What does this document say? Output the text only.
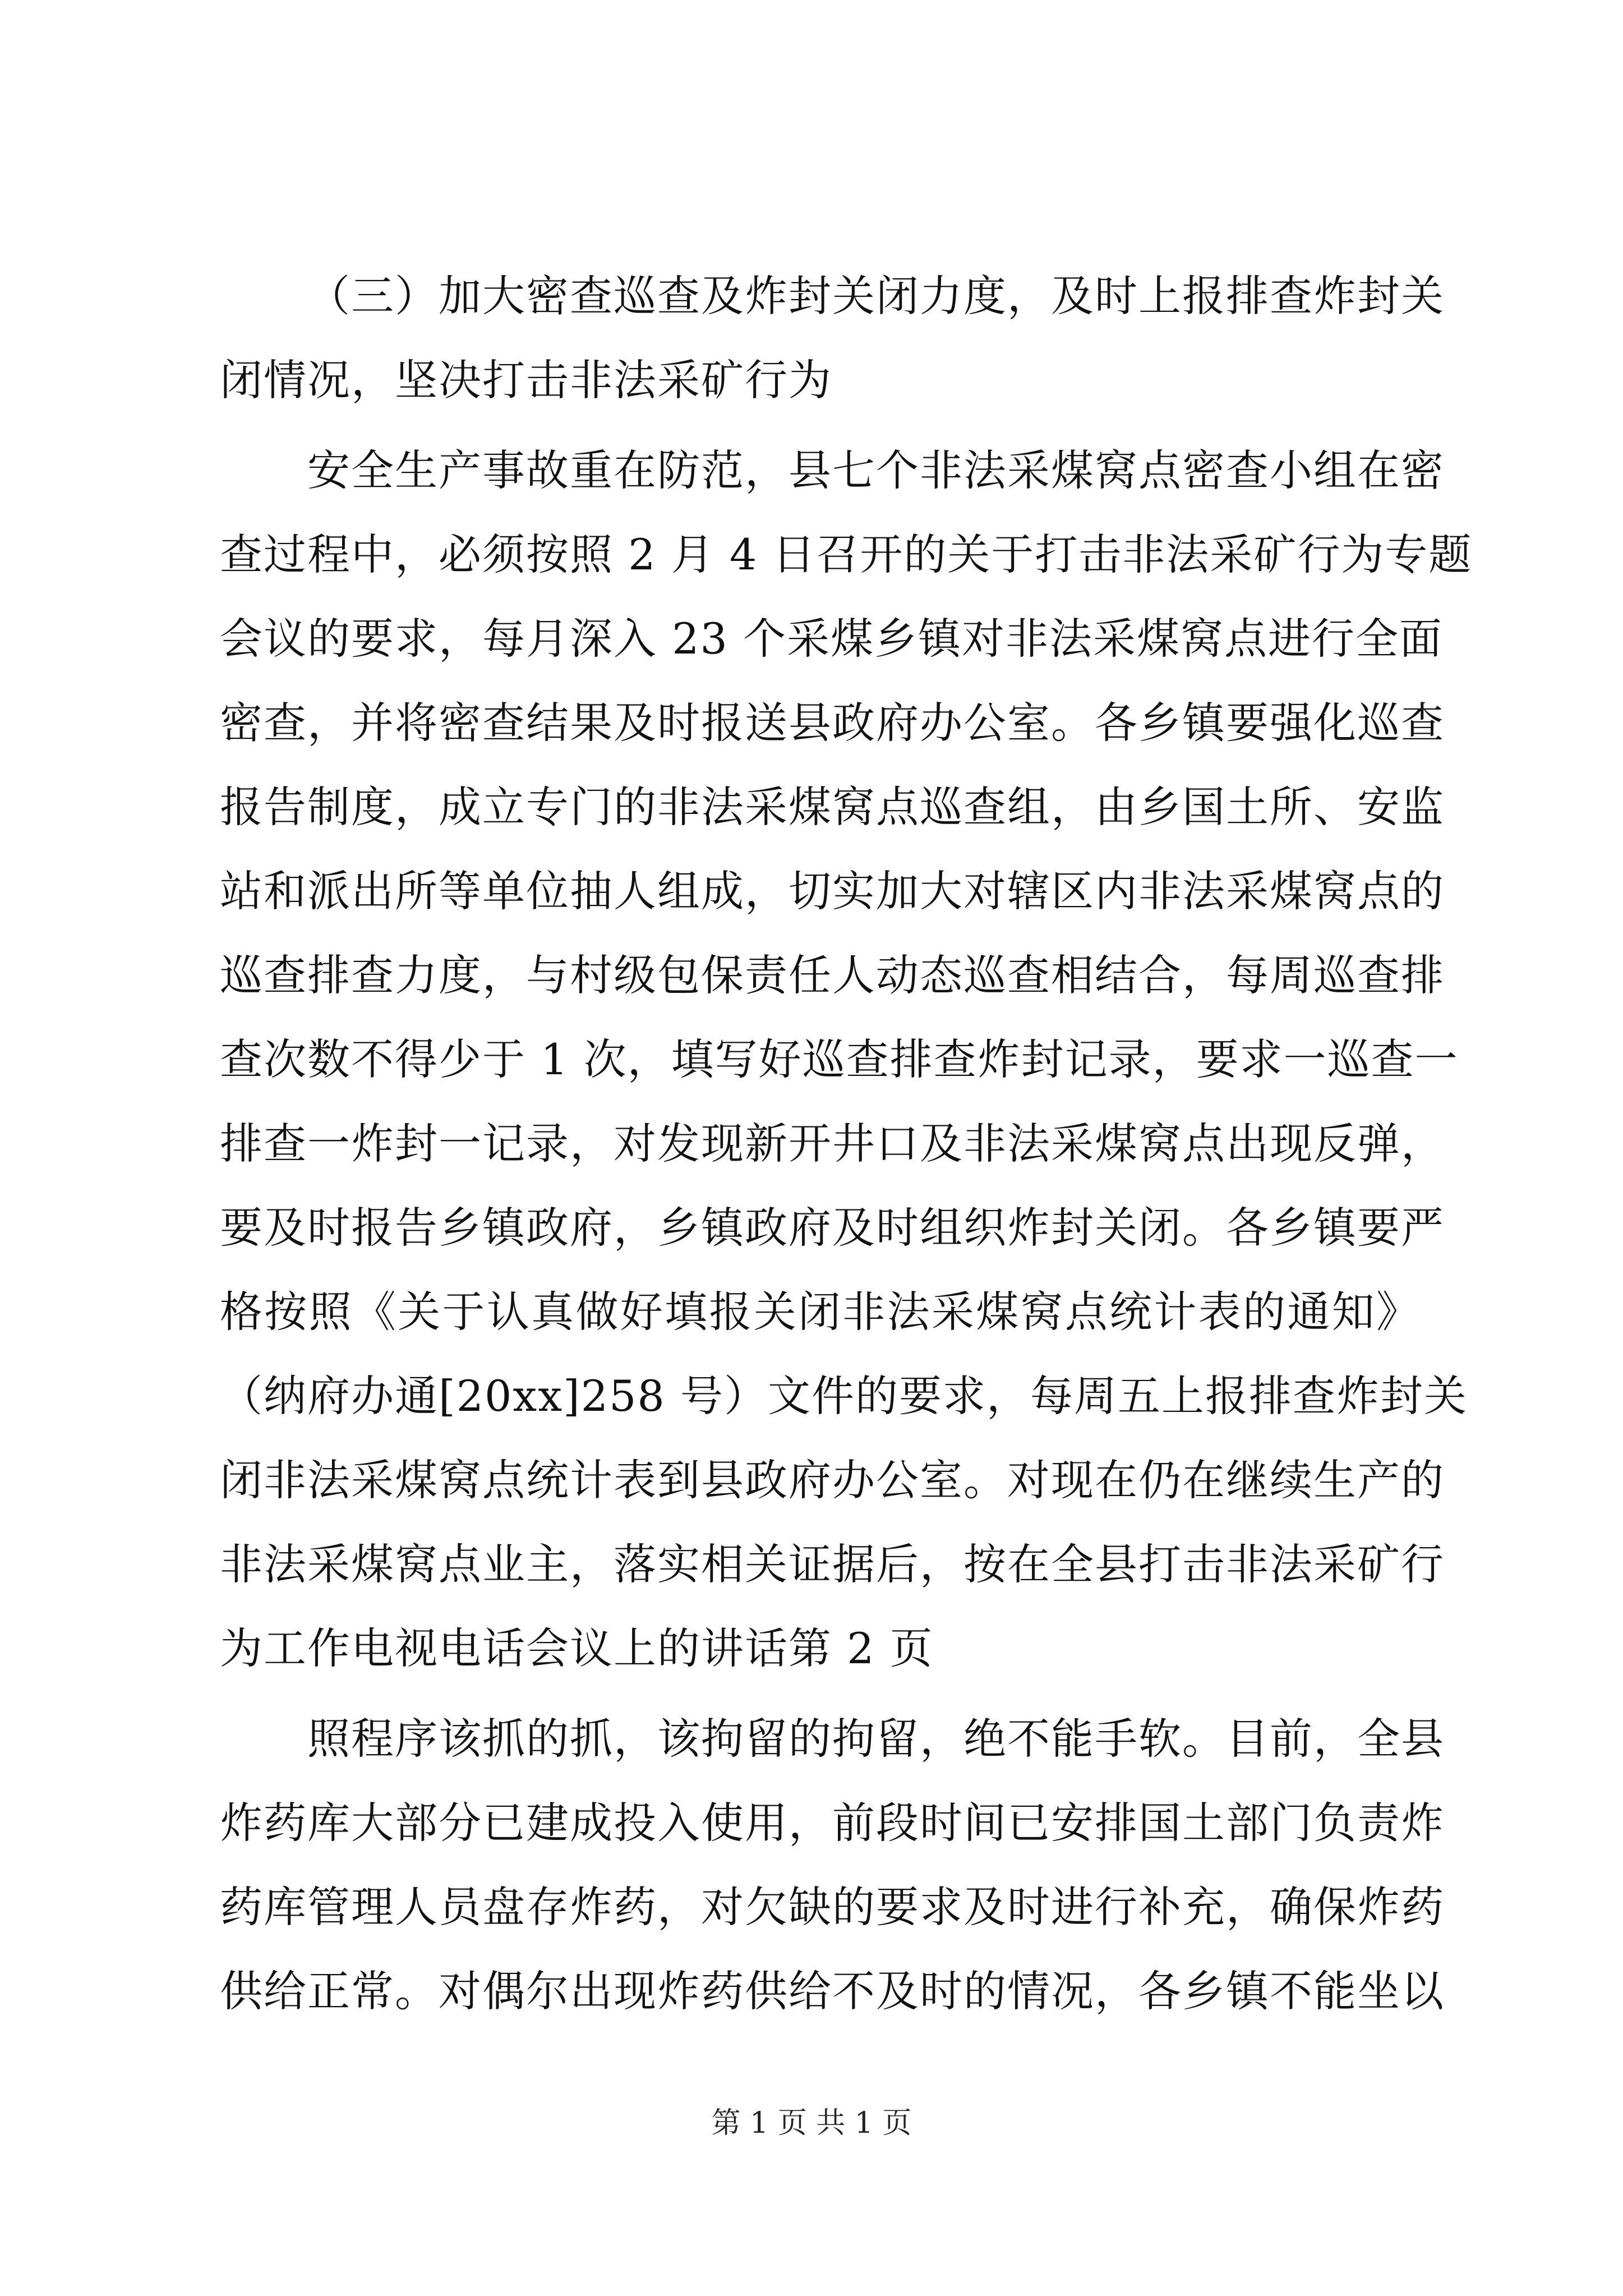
（三）加大密查巡查及炸封关闭力度，及时上报排查炸封关
闭情况，坚决打击非法采矿行为
安全生产事故重在防范，县七个非法采煤窝点密查小组在密
查过程中，必须按照 2 月 4 日召开的关于打击非法采矿行为专题
会议的要求，每月深入 23 个采煤乡镇对非法采煤窝点进行全面
密查，并将密查结果及时报送县政府办公室。各乡镇要强化巡查
报告制度，成立专门的非法采煤窝点巡查组，由乡国土所、安监
站和派出所等单位抽人组成，切实加大对辖区内非法采煤窝点的
巡查排查力度，与村级包保责任人动态巡查相结合，每周巡查排
查次数不得少于 1 次，填写好巡查排查炸封记录，要求一巡查一
排查一炸封一记录，对发现新开井口及非法采煤窝点出现反弹，
要及时报告乡镇政府，乡镇政府及时组织炸封关闭。各乡镇要严
格按照《关于认真做好填报关闭非法采煤窝点统计表的通知》
（纳府办通[20xx]258 号）文件的要求，每周五上报排查炸封关
闭非法采煤窝点统计表到县政府办公室。对现在仍在继续生产的
非法采煤窝点业主，落实相关证据后，按在全县打击非法采矿行
为工作电视电话会议上的讲话第 2 页
照程序该抓的抓，该拘留的拘留，绝不能手软。目前，全县
炸药库大部分已建成投入使用，前段时间已安排国土部门负责炸
药库管理人员盘存炸药，对欠缺的要求及时进行补充，确保炸药
供给正常。对偶尔出现炸药供给不及时的情况，各乡镇不能坐以
第 1 页 共 1 页
